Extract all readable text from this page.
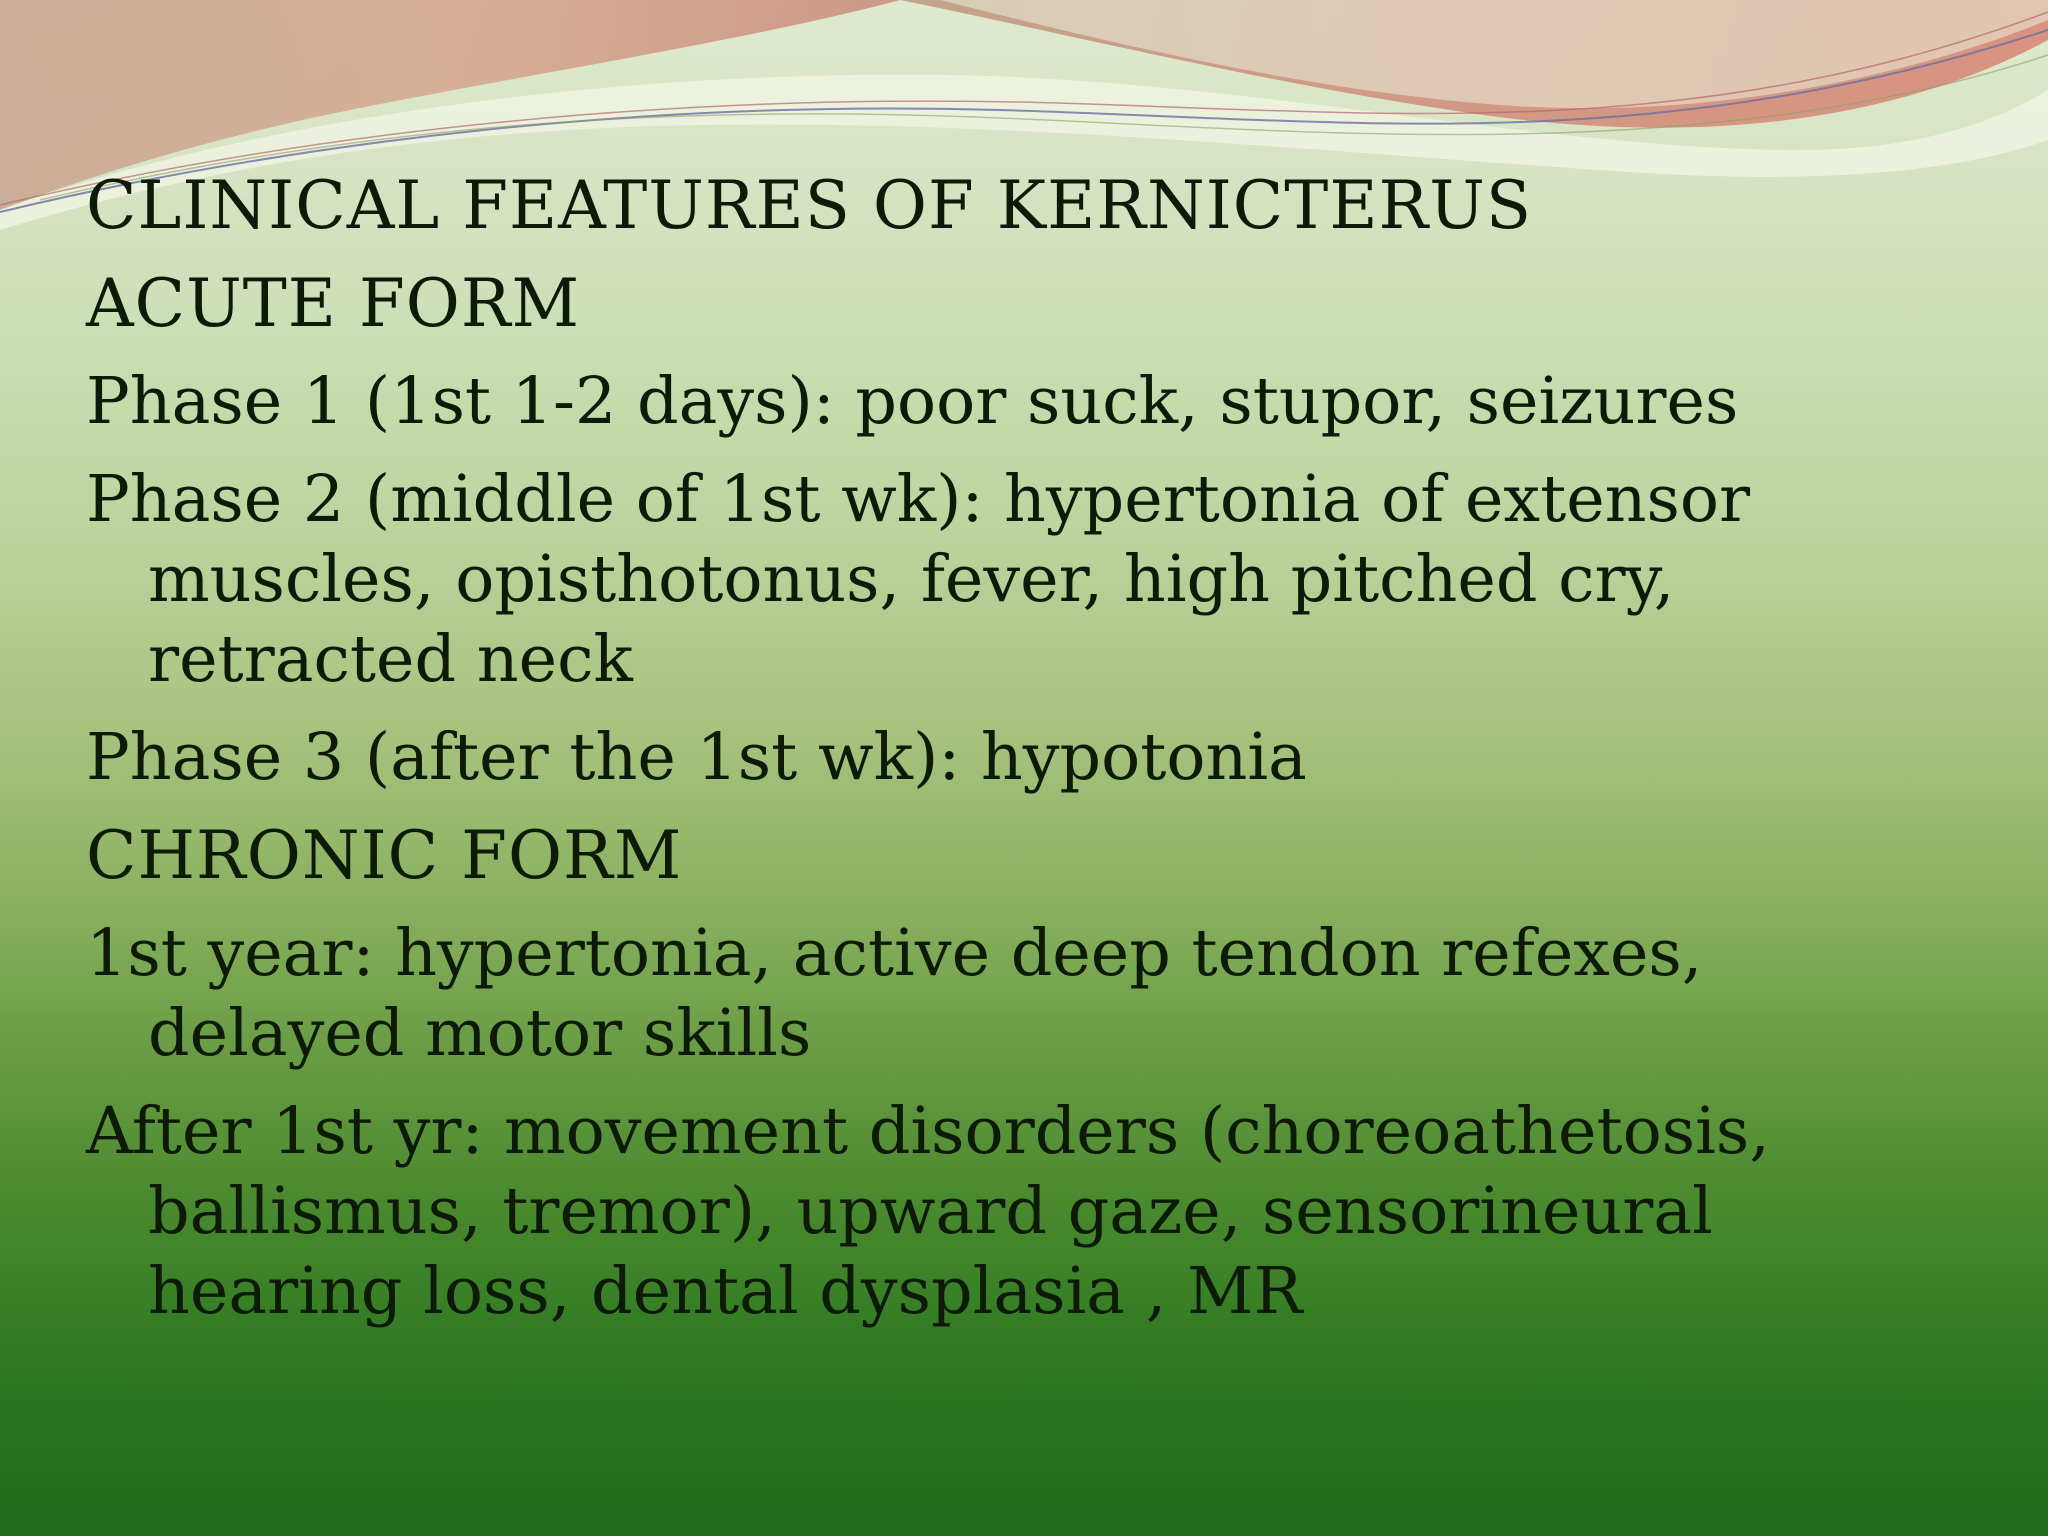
CLINICAL FEATURES OF KERNICTERUS

ACUTE FORM

Phase 1 (1st 1-2 days): poor suck, stupor, seizures

Phase 2 (middle of 1st wk): hypertonia of extensor

muscles, opisthotonus, fever, high pitched cry,

retracted neck

Phase 3 (after the 1st wk): hypotonia

CHRONIC FORM

1st year: hypertonia, active deep tendon refexes,

delayed motor skills

After 1st yr: movement disorders (choreoathetosis,

ballismus, tremor), upward gaze, sensorineural

hearing loss, dental dysplasia , MR
